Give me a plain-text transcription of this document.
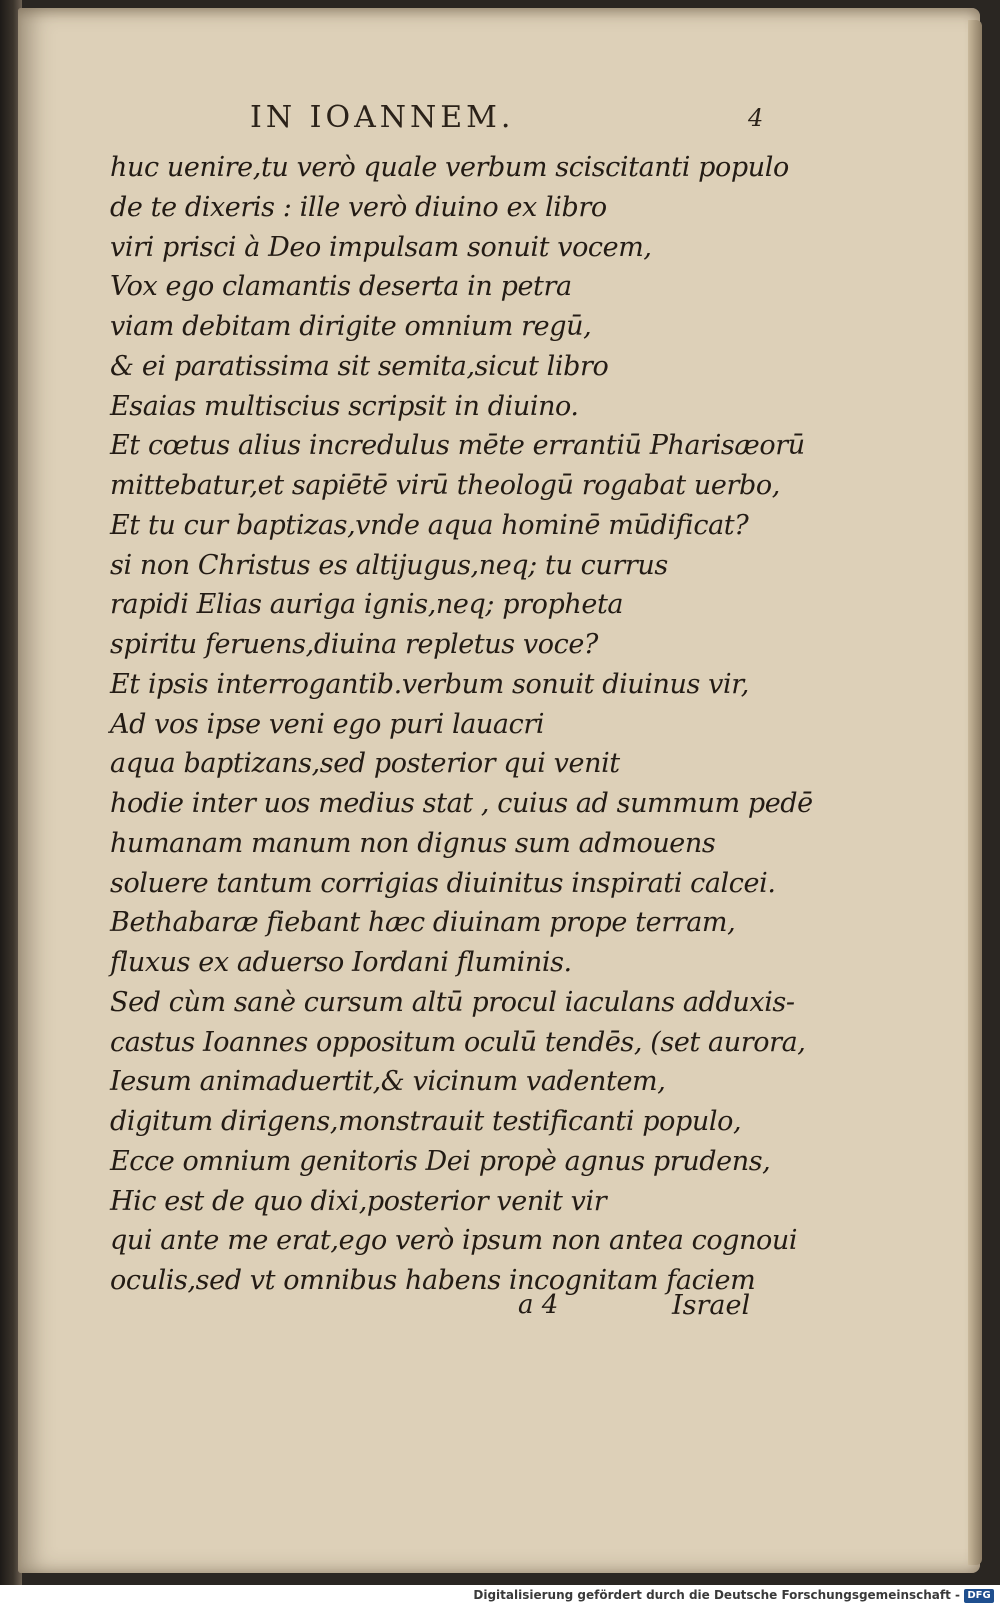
IN IOANNEM.	4
huc uenire,tu verò quale verbum sciscitanti populo
de te dixeris : ille verò diuino ex libro
viri prisci à Deo impulsam sonuit vocem,
Vox ego clamantis deserta in petra
viam debitam dirigite omnium regū,
& ei paratissima sit semita,sicut libro
Esaias multiscius scripsit in diuino.
Et cœtus alius incredulus mēte errantiū Pharisæorū
mittebatur,et sapiētē virū theologū rogabat uerbo,
Et tu cur baptizas,vnde aqua hominē mūdificat?
si non Christus es altijugus,neq; tu currus
rapidi Elias auriga ignis,neq; propheta
spiritu feruens,diuina repletus voce?
Et ipsis interrogantib.verbum sonuit diuinus vir,
Ad vos ipse veni ego puri lauacri
aqua baptizans,sed posterior qui venit
hodie inter uos medius stat , cuius ad summum pedē
humanam manum non dignus sum admouens
soluere tantum corrigias diuinitus inspirati calcei.
Bethabaræ fiebant hæc diuinam prope terram,
fluxus ex aduerso Iordani fluminis.
Sed cùm sanè cursum altū procul iaculans adduxis-
castus Ioannes oppositum oculū tendēs, (set aurora,
Iesum animaduertit,& vicinum vadentem,
digitum dirigens,monstrauit testificanti populo,
Ecce omnium genitoris Dei propè agnus prudens,
Hic est de quo dixi,posterior venit vir
qui ante me erat,ego verò ipsum non antea cognoui
oculis,sed vt omnibus habens incognitam faciem
a 4	Israel
Digitalisierung gefördert durch die Deutsche Forschungsgemeinschaft - DFG
